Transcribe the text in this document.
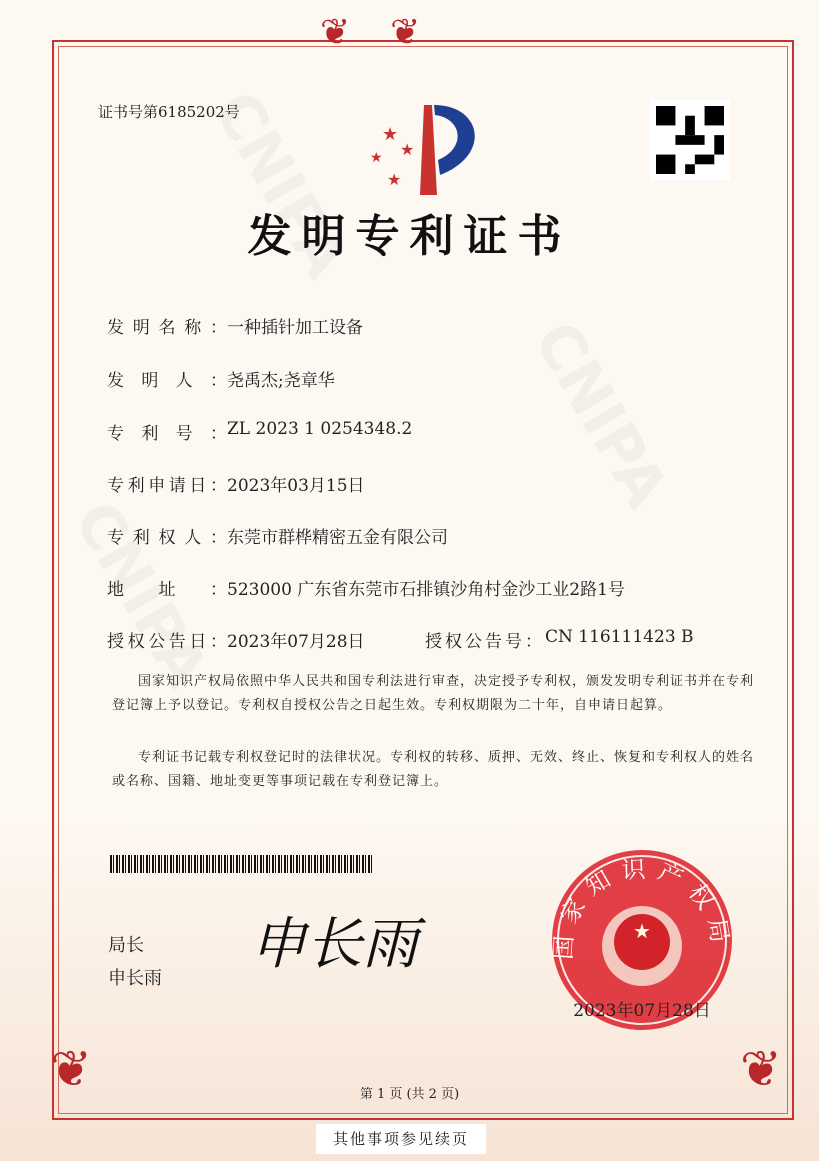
❦❦
❦	❦
证书号第6185202号
★
★
★
★
发明专利证书
发 明 名 称 ： 一种插针加工设备
发 明 人 ： 尧禹杰;尧章华
专 利 号 ： ZL 2023 1 0254348.2
专 利 申 请 日 ： 2023年03月15日
专 利 权 人 ： 东莞市群桦精密五金有限公司
地 址 ： 523000 广东省东莞市石排镇沙角村金沙工业2路1号
授 权 公 告 日 ： 2023年07月28日	授权公告号： CN 116111423 B
国家知识产权局依照中华人民共和国专利法进行审查，决定授予专利权，颁发发明专利证书并在专利登记簿上予以登记。专利权自授权公告之日起生效。专利权期限为二十年，自申请日起算。
专利证书记载专利权登记时的法律状况。专利权的转移、质押、无效、终止、恢复和专利权人的姓名或名称、国籍、地址变更等事项记载在专利登记簿上。
局长
申长雨
申长雨	★
国家知识产权局
2023年07月28日
第 1 页 (共 2 页)
其他事项参见续页
